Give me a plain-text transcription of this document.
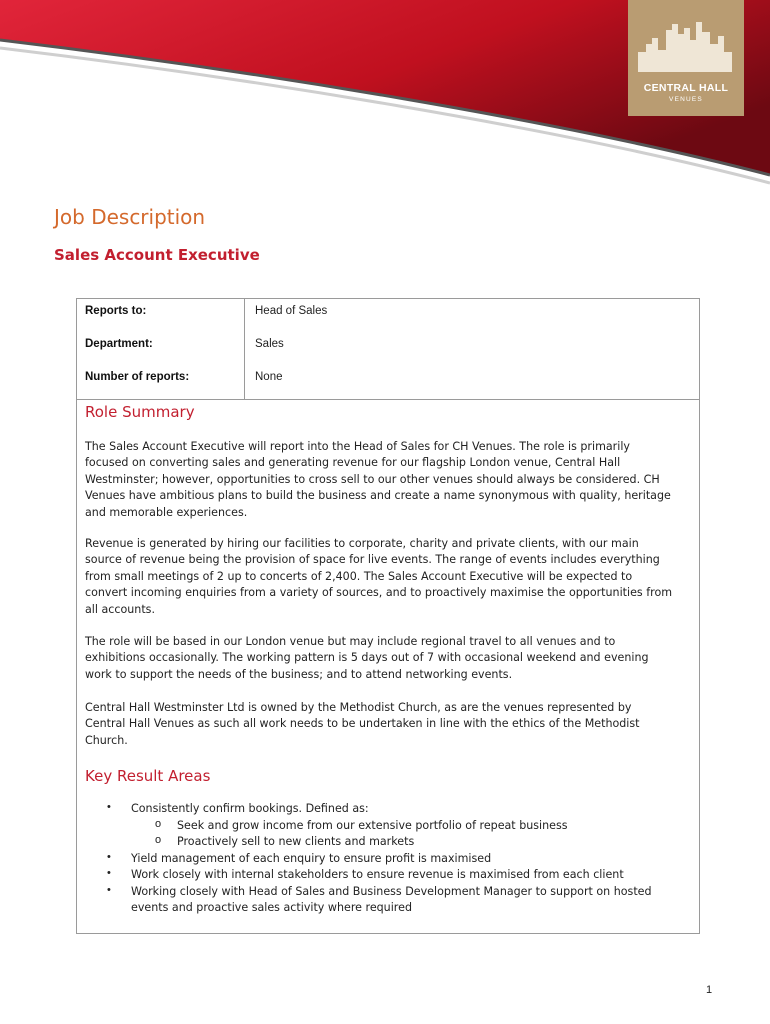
CENTRAL HALL
VENUES
Job Description
Sales Account Executive
Reports to:	Head of Sales
Department:	Sales
Number of reports:	None
Role Summary
The Sales Account Executive will report into the Head of Sales for CH Venues. The role is primarily
focused on converting sales and generating revenue for our flagship London venue, Central Hall
Westminster; however, opportunities to cross sell to our other venues should always be considered. CH
Venues have ambitious plans to build the business and create a name synonymous with quality, heritage
and memorable experiences.
Revenue is generated by hiring our facilities to corporate, charity and private clients, with our main
source of revenue being the provision of space for live events. The range of events includes everything
from small meetings of 2 up to concerts of 2,400. The Sales Account Executive will be expected to
convert incoming enquiries from a variety of sources, and to proactively maximise the opportunities from
all accounts.
The role will be based in our London venue but may include regional travel to all venues and to
exhibitions occasionally. The working pattern is 5 days out of 7 with occasional weekend and evening
work to support the needs of the business; and to attend networking events.
Central Hall Westminster Ltd is owned by the Methodist Church, as are the venues represented by
Central Hall Venues as such all work needs to be undertaken in line with the ethics of the Methodist
Church.
Key Result Areas
• Consistently confirm bookings. Defined as:
o Seek and grow income from our extensive portfolio of repeat business
o Proactively sell to new clients and markets
• Yield management of each enquiry to ensure profit is maximised
• Work closely with internal stakeholders to ensure revenue is maximised from each client
• Working closely with Head of Sales and Business Development Manager to support on hosted
events and proactive sales activity where required
1
